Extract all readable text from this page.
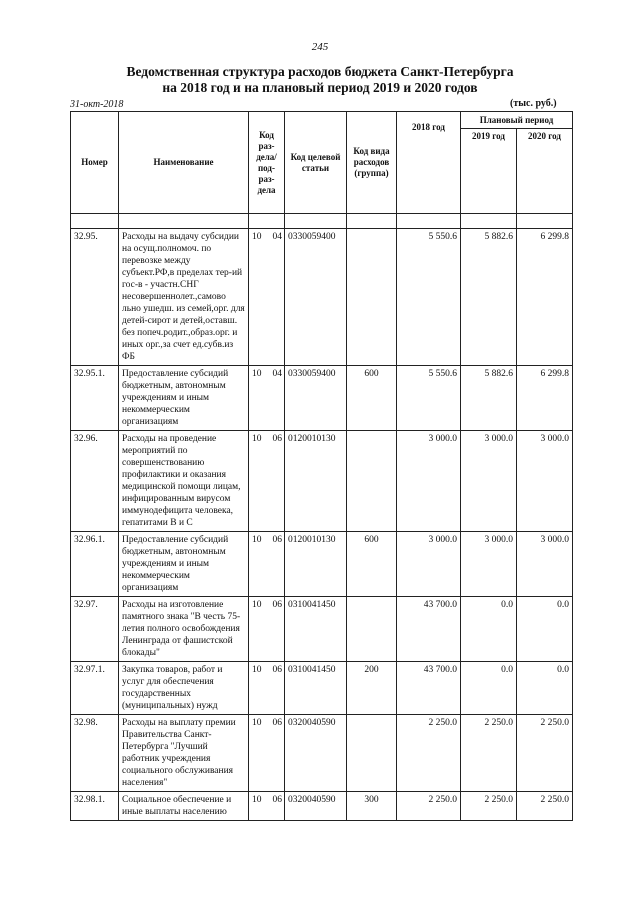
245
Ведомственная структура расходов бюджета Санкт-Петербурга
на 2018 год и на плановый период 2019 и 2020 годов
31-окт-2018	(тыс. руб.)
Номер	Наименование	Код раз-дела/ под-раз-дела	Код целевой статьи	Код вида расходов (группа)	2018 год	Плановый период	
						2019 год	2020 год

32.95.	Расходы на выдачу субсидии на осущ.полномоч. по перевозке между субъект.РФ,в пределах тер-ий гос-в - участн.СНГ несовершеннолет.,самово льно ушедш. из семей,орг. для детей-сирот и детей,оставш. без попеч.родит.,образ.орг. и иных орг.,за счет ед.субв.из ФБ	10 04	0330059400		5 550.6	5 882.6	6 299.8
32.95.1.	Предоставление субсидий бюджетным, автономным учреждениям и иным некоммерческим организациям	10 04	0330059400	600	5 550.6	5 882.6	6 299.8
32.96.	Расходы на проведение мероприятий по совершенствованию профилактики и оказания медицинской помощи лицам, инфицированным вирусом иммунодефицита человека, гепатитами В и С	10 06	0120010130		3 000.0	3 000.0	3 000.0
32.96.1.	Предоставление субсидий бюджетным, автономным учреждениям и иным некоммерческим организациям	10 06	0120010130	600	3 000.0	3 000.0	3 000.0
32.97.	Расходы на изготовление памятного знака "В честь 75-летия полного освобождения Ленинграда от фашистской блокады"	10 06	0310041450		43 700.0	0.0	0.0
32.97.1.	Закупка товаров, работ и услуг для обеспечения государственных (муниципальных) нужд	10 06	0310041450	200	43 700.0	0.0	0.0
32.98.	Расходы на выплату премии Правительства Санкт-Петербурга "Лучший работник учреждения социального обслуживания населения"	10 06	0320040590		2 250.0	2 250.0	2 250.0
32.98.1.	Социальное обеспечение и иные выплаты населению	10 06	0320040590	300	2 250.0	2 250.0	2 250.0
